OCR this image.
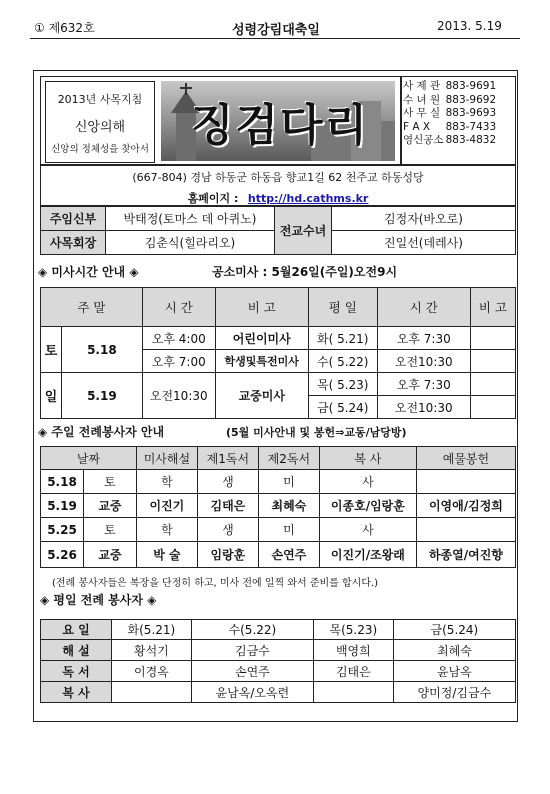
① 제632호	성령강림대축일	2013. 5.19
2013년 사목지침
신앙의해
신앙의 정체성을 찾아서 징검다리
사 제 관	883-9691
수 녀 원	883-9692
사 무 실	883-9693
F A X	883-7433
영신공소	883-4832
(667-804) 경남 하동군 하동읍 향교1길 62 천주교 하동성당
홈페이지 : http://hd.cathms.kr
주임신부	박태정(토마스 데 아퀴노)	전교수녀	김정자(바오로)
사목회장	김춘식(힐라리오)		진일선(데레사)
◈ 미사시간 안내 ◈	공소미사 : 5월26일(주일)오전9시
주 말		시 간	비 고	평 일	시 간	비 고
토	5.18	오후 4:00	어린이미사	화( 5.21)	오후 7:30	
		오후 7:00	학생및특전미사	수( 5.22)	오전10:30	
일	5.19	오전10:30	교중미사	목( 5.23)	오후 7:30	
				금( 5.24)	오전10:30	
◈ 주일 전례봉사자 안내	(5월 미사안내 및 봉헌⇒교동/남당방)
날짜		미사해설	제1독서	제2독서	복 사	예물봉헌
5.18	토	학	생	미	사	
5.19	교중	이진기	김태은	최혜숙	이종호/임랑훈	이영애/김정희
5.25	토	학	생	미	사	
5.26	교중	박 술	임랑훈	손연주	이진기/조왕래	하종열/여진향
(전례 봉사자들은 복장을 단정히 하고, 미사 전에 일찍 와서 준비를 합시다.)
◈ 평일 전례 봉사자 ◈
요 일	화(5.21)	수(5.22)	목(5.23)	금(5.24)
해 설	황석기	김금수	백영희	최혜숙
독 서	이경옥	손연주	김태은	윤남옥
복 사		윤남옥/오옥련		양미정/김금수
